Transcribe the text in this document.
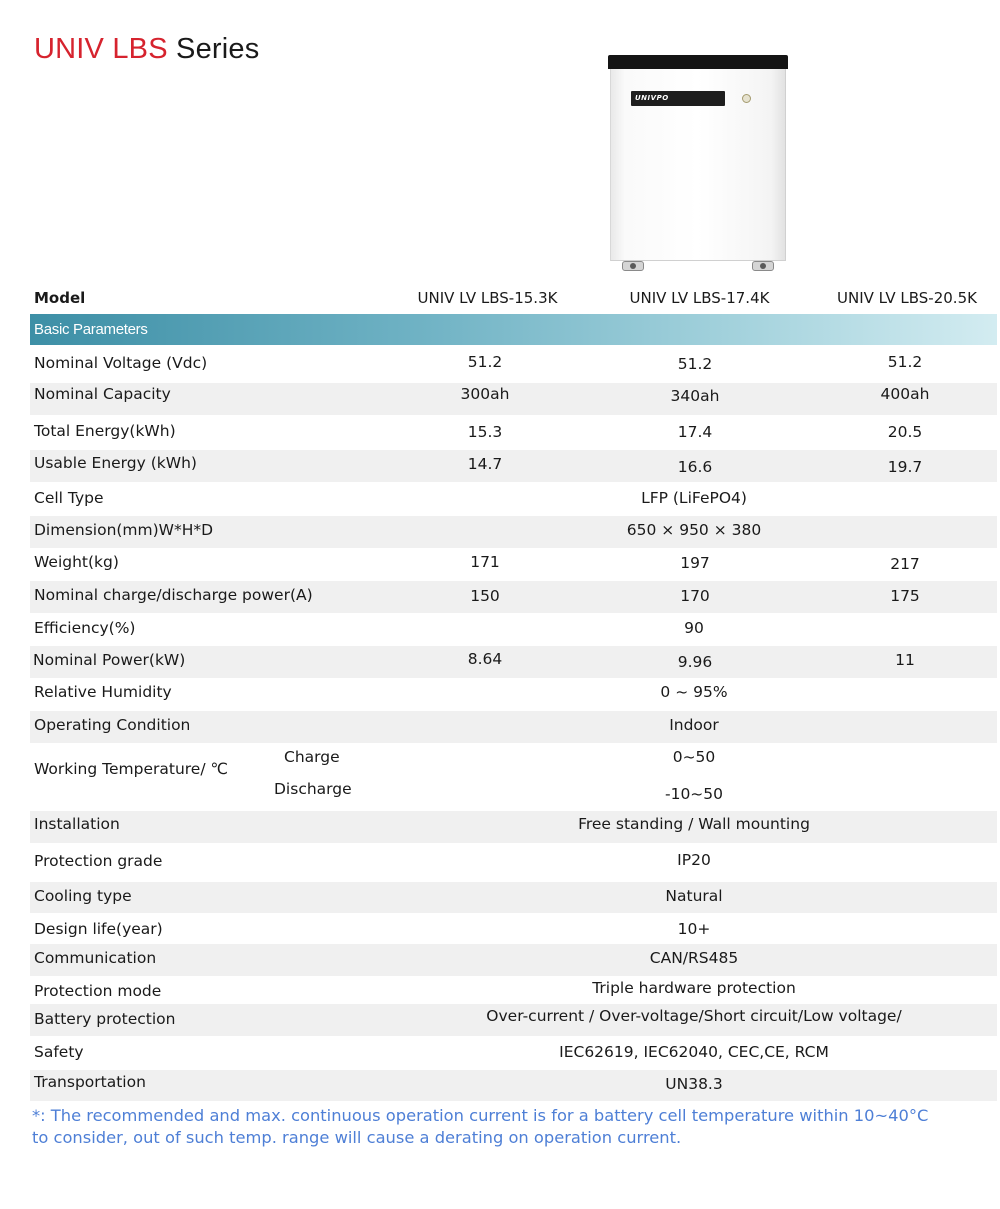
UNIV LBS Series
UNIVPO
Model	UNIV LV LBS-15.3K	UNIV LV LBS-17.4K	UNIV LV LBS-20.5K
Basic Parameters
Nominal Voltage (Vdc)	51.2	51.2	51.2
Nominal Capacity	300ah	340ah	400ah
Total Energy(kWh)	15.3	17.4	20.5
Usable Energy (kWh)	14.7	16.6	19.7
Cell Type	LFP (LiFePO4)
Dimension(mm)W*H*D	650 × 950 × 380
Weight(kg)	171	197	217
Nominal charge/discharge power(A)	150	170	175
Efficiency(%)	90
Nominal Power(kW)	8.64	9.96	11
Relative Humidity	0 ~ 95%
Operating Condition	Indoor
Working Temperature/ ℃
Charge	0~50
Discharge	-10~50
Installation	Free standing / Wall mounting
Protection grade	IP20
Cooling type	Natural
Design life(year)	10+
Communication	CAN/RS485
Protection mode	Triple hardware protection
Battery protection	Over-current / Over-voltage/Short circuit/Low voltage/
Safety	IEC62619, IEC62040, CEC,CE, RCM
Transportation	UN38.3
*: The recommended and max. continuous operation current is for a battery cell temperature within 10~40°C
to consider, out of such temp. range will cause a derating on operation current.
